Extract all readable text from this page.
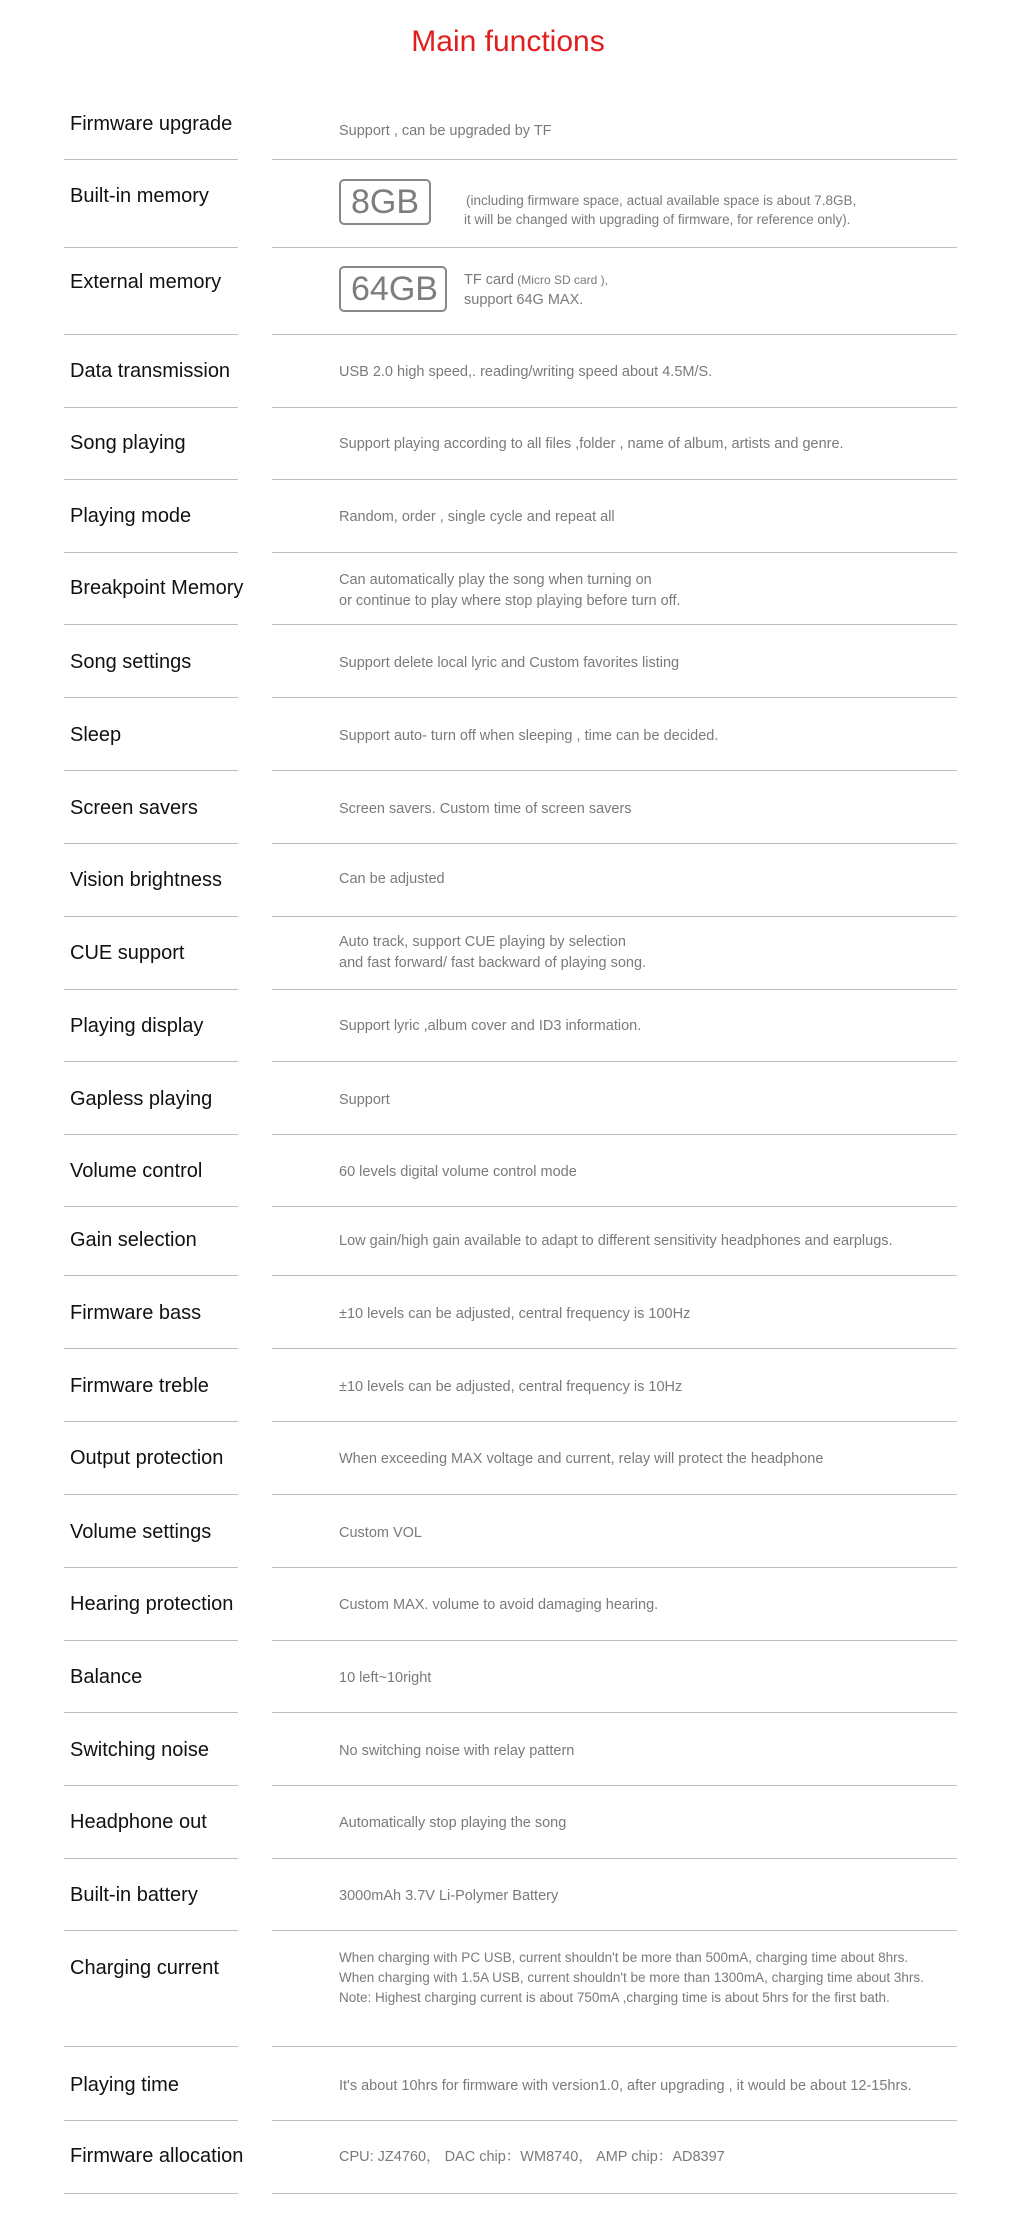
Main functions
Firmware upgrade	Support , can be upgraded by TF
Built-in memory	8GB	(including firmware space, actual available space is about 7.8GB,
it will be changed with upgrading of firmware, for reference only).
External memory	64GB	TF card (Micro SD card ),
support 64G MAX.
Data transmission	USB 2.0 high speed,. reading/writing speed about 4.5M/S.
Song playing	Support playing according to all files ,folder , name of album, artists and genre.
Playing mode	Random, order , single cycle and repeat all
Breakpoint Memory	Can automatically play the song when turning on
or continue to play where stop playing before turn off.
Song settings	Support delete local lyric and Custom favorites listing
Sleep	Support auto- turn off when sleeping , time can be decided.
Screen savers	Screen savers. Custom time of screen savers
Vision brightness	Can be adjusted
CUE support	Auto track, support CUE playing by selection
and fast forward/ fast backward of playing song.
Playing display	Support lyric ,album cover and ID3 information.
Gapless playing	Support
Volume control	60 levels digital volume control mode
Gain selection	Low gain/high gain available to adapt to different sensitivity headphones and earplugs.
Firmware bass	±10 levels can be adjusted, central frequency is 100Hz
Firmware treble	±10 levels can be adjusted, central frequency is 10Hz
Output protection	When exceeding MAX voltage and current, relay will protect the headphone
Volume settings	Custom VOL
Hearing protection	Custom MAX. volume to avoid damaging hearing.
Balance	10 left~10right
Switching noise	No switching noise with relay pattern
Headphone out	Automatically stop playing the song
Built-in battery	3000mAh 3.7V Li-Polymer Battery
Charging current	When charging with PC USB, current shouldn't be more than 500mA, charging time about 8hrs.
When charging with 1.5A USB, current shouldn't be more than 1300mA, charging time about 3hrs.
Note: Highest charging current is about 750mA ,charging time is about 5hrs for the first bath.
Playing time	It's about 10hrs for firmware with version1.0, after upgrading , it would be about 12-15hrs.
Firmware allocation	CPU: JZ4760， DAC chip：WM8740， AMP chip：AD8397
